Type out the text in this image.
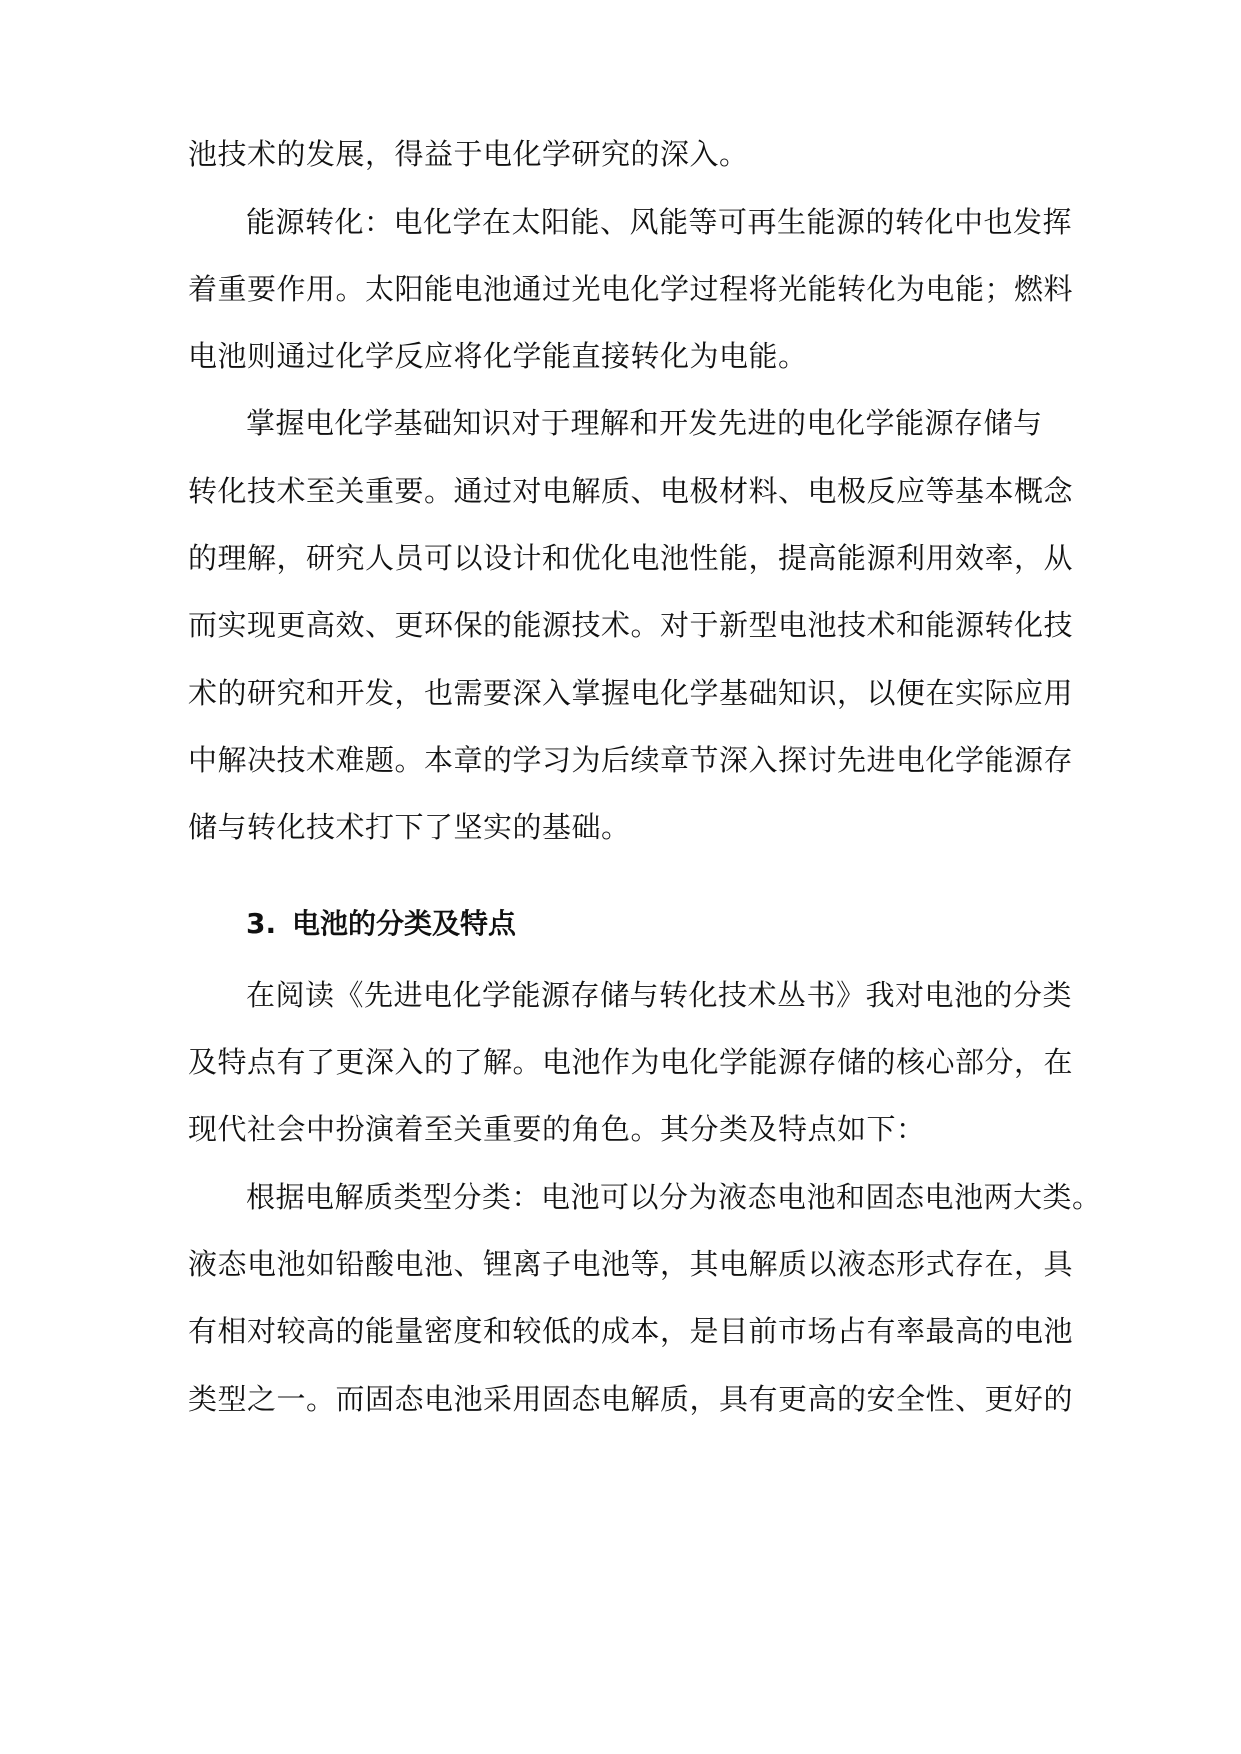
池技术的发展，得益于电化学研究的深入。
能源转化：电化学在太阳能、风能等可再生能源的转化中也发挥
着重要作用。太阳能电池通过光电化学过程将光能转化为电能；燃料
电池则通过化学反应将化学能直接转化为电能。
掌握电化学基础知识对于理解和开发先进的电化学能源存储与
转化技术至关重要。通过对电解质、电极材料、电极反应等基本概念
的理解，研究人员可以设计和优化电池性能，提高能源利用效率，从
而实现更高效、更环保的能源技术。对于新型电池技术和能源转化技
术的研究和开发，也需要深入掌握电化学基础知识，以便在实际应用
中解决技术难题。本章的学习为后续章节深入探讨先进电化学能源存
储与转化技术打下了坚实的基础。
3. 电池的分类及特点
在阅读《先进电化学能源存储与转化技术丛书》我对电池的分类
及特点有了更深入的了解。电池作为电化学能源存储的核心部分，在
现代社会中扮演着至关重要的角色。其分类及特点如下：
根据电解质类型分类：电池可以分为液态电池和固态电池两大类。
液态电池如铅酸电池、锂离子电池等，其电解质以液态形式存在，具
有相对较高的能量密度和较低的成本，是目前市场占有率最高的电池
类型之一。而固态电池采用固态电解质，具有更高的安全性、更好的
